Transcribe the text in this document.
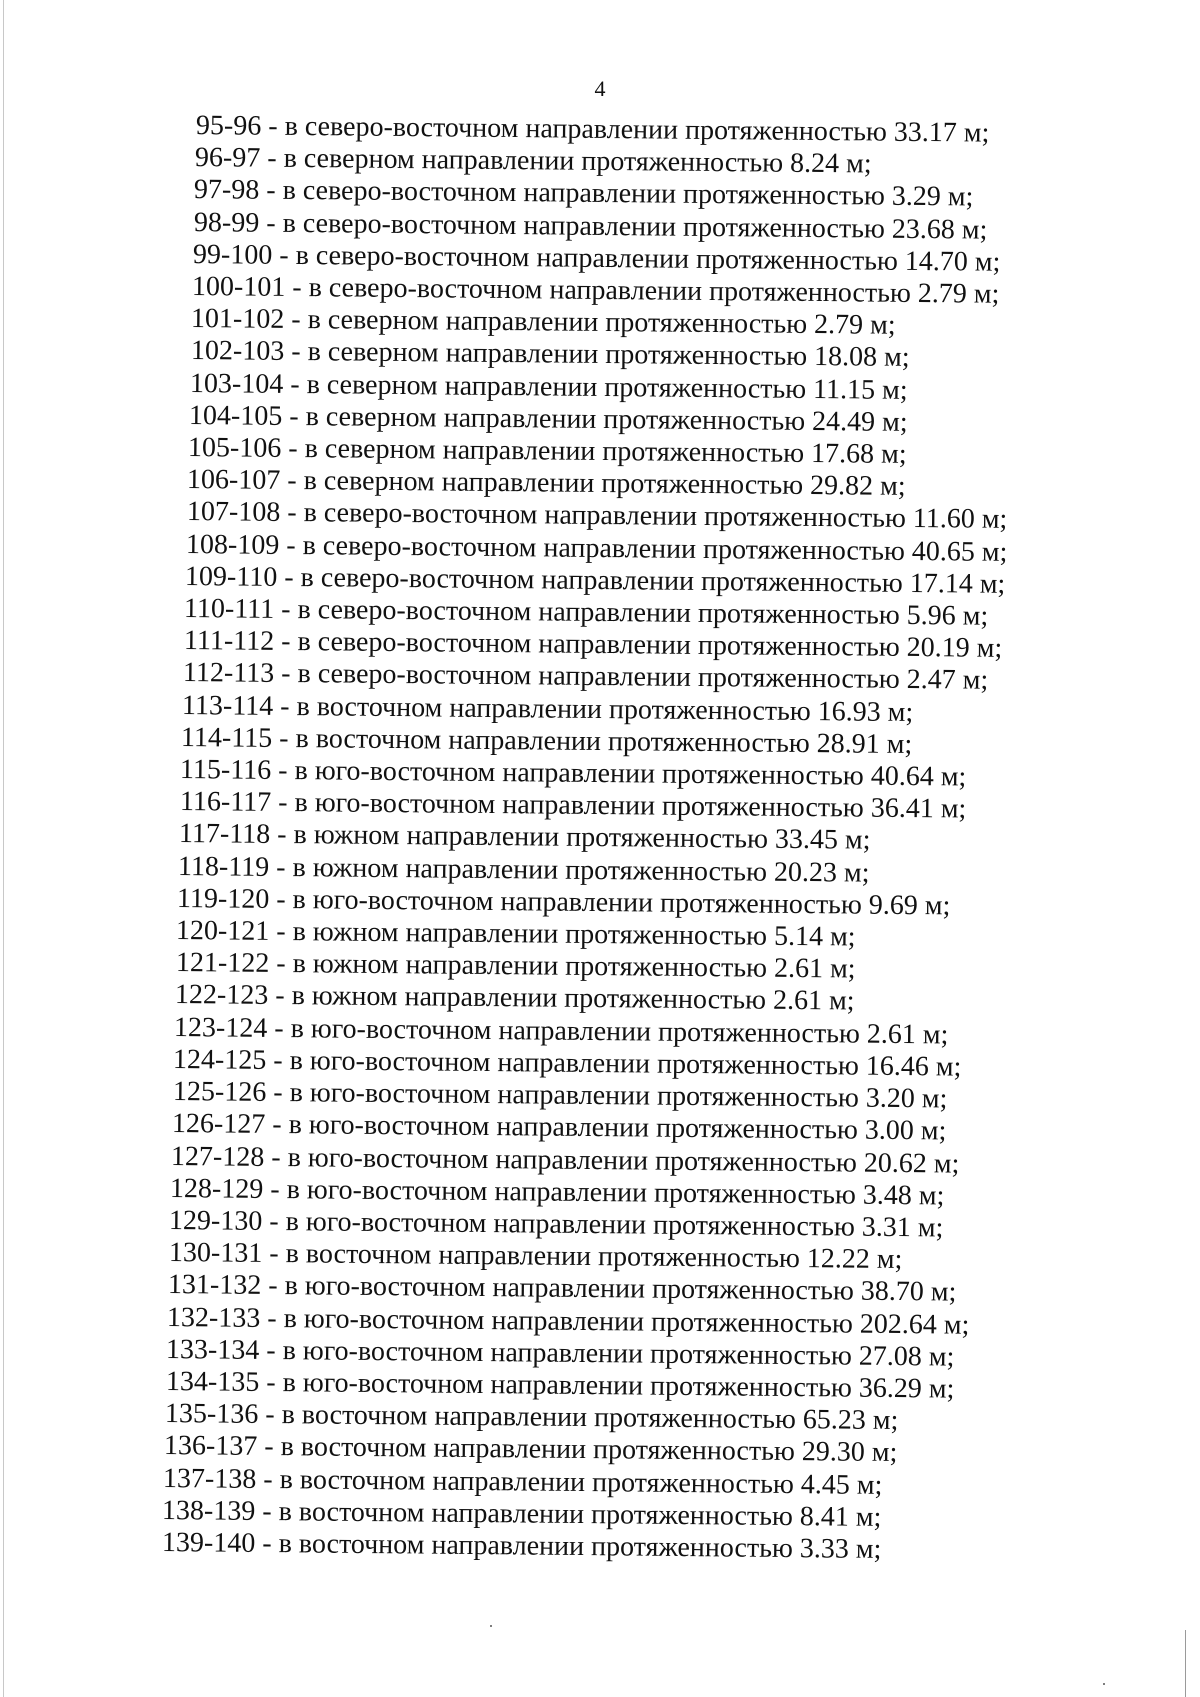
4
95-96 - в северо-восточном направлении протяженностью 33.17 м;
96-97 - в северном направлении протяженностью 8.24 м;
97-98 - в северо-восточном направлении протяженностью 3.29 м;
98-99 - в северо-восточном направлении протяженностью 23.68 м;
99-100 - в северо-восточном направлении протяженностью 14.70 м;
100-101 - в северо-восточном направлении протяженностью 2.79 м;
101-102 - в северном направлении протяженностью 2.79 м;
102-103 - в северном направлении протяженностью 18.08 м;
103-104 - в северном направлении протяженностью 11.15 м;
104-105 - в северном направлении протяженностью 24.49 м;
105-106 - в северном направлении протяженностью 17.68 м;
106-107 - в северном направлении протяженностью 29.82 м;
107-108 - в северо-восточном направлении протяженностью 11.60 м;
108-109 - в северо-восточном направлении протяженностью 40.65 м;
109-110 - в северо-восточном направлении протяженностью 17.14 м;
110-111 - в северо-восточном направлении протяженностью 5.96 м;
111-112 - в северо-восточном направлении протяженностью 20.19 м;
112-113 - в северо-восточном направлении протяженностью 2.47 м;
113-114 - в восточном направлении протяженностью 16.93 м;
114-115 - в восточном направлении протяженностью 28.91 м;
115-116 - в юго-восточном направлении протяженностью 40.64 м;
116-117 - в юго-восточном направлении протяженностью 36.41 м;
117-118 - в южном направлении протяженностью 33.45 м;
118-119 - в южном направлении протяженностью 20.23 м;
119-120 - в юго-восточном направлении протяженностью 9.69 м;
120-121 - в южном направлении протяженностью 5.14 м;
121-122 - в южном направлении протяженностью 2.61 м;
122-123 - в южном направлении протяженностью 2.61 м;
123-124 - в юго-восточном направлении протяженностью 2.61 м;
124-125 - в юго-восточном направлении протяженностью 16.46 м;
125-126 - в юго-восточном направлении протяженностью 3.20 м;
126-127 - в юго-восточном направлении протяженностью 3.00 м;
127-128 - в юго-восточном направлении протяженностью 20.62 м;
128-129 - в юго-восточном направлении протяженностью 3.48 м;
129-130 - в юго-восточном направлении протяженностью 3.31 м;
130-131 - в восточном направлении протяженностью 12.22 м;
131-132 - в юго-восточном направлении протяженностью 38.70 м;
132-133 - в юго-восточном направлении протяженностью 202.64 м;
133-134 - в юго-восточном направлении протяженностью 27.08 м;
134-135 - в юго-восточном направлении протяженностью 36.29 м;
135-136 - в восточном направлении протяженностью 65.23 м;
136-137 - в восточном направлении протяженностью 29.30 м;
137-138 - в восточном направлении протяженностью 4.45 м;
138-139 - в восточном направлении протяженностью 8.41 м;
139-140 - в восточном направлении протяженностью 3.33 м;
